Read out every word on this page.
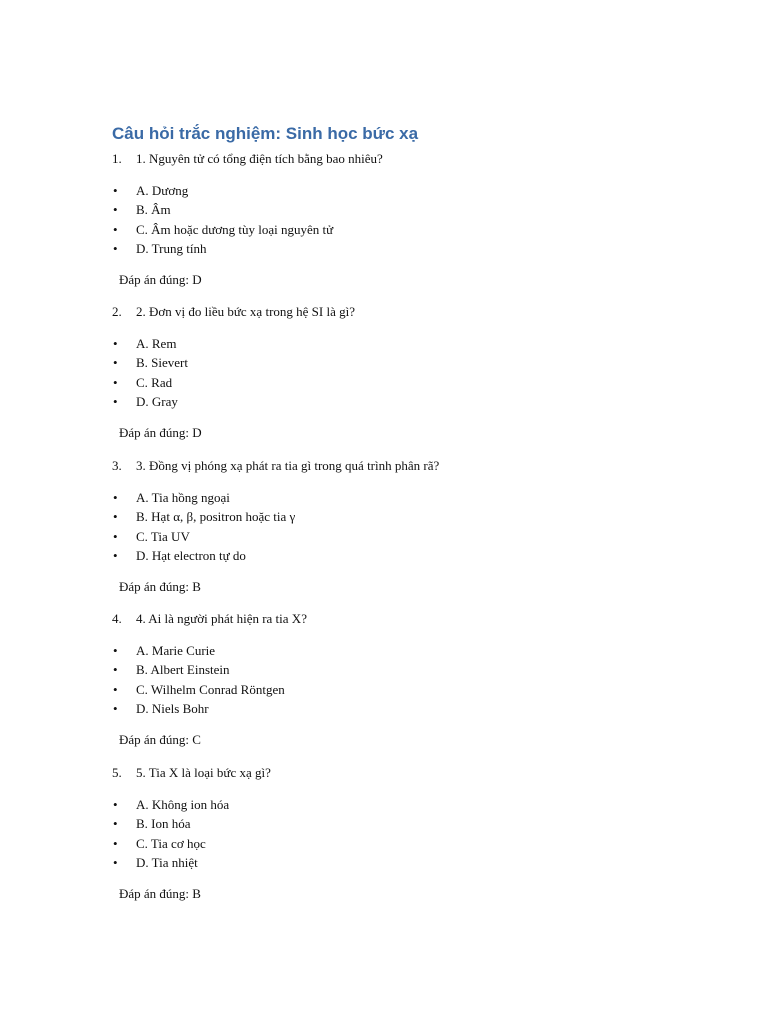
Câu hỏi trắc nghiệm: Sinh học bức xạ
1. 1. Nguyên tử có tổng điện tích bằng bao nhiêu?
• A. Dương
• B. Âm
• C. Âm hoặc dương tùy loại nguyên tử
• D. Trung tính
Đáp án đúng: D
2. 2. Đơn vị đo liều bức xạ trong hệ SI là gì?
• A. Rem
• B. Sievert
• C. Rad
• D. Gray
Đáp án đúng: D
3. 3. Đồng vị phóng xạ phát ra tia gì trong quá trình phân rã?
• A. Tia hồng ngoại
• B. Hạt α, β, positron hoặc tia γ
• C. Tia UV
• D. Hạt electron tự do
Đáp án đúng: B
4. 4. Ai là người phát hiện ra tia X?
• A. Marie Curie
• B. Albert Einstein
• C. Wilhelm Conrad Röntgen
• D. Niels Bohr
Đáp án đúng: C
5. 5. Tia X là loại bức xạ gì?
• A. Không ion hóa
• B. Ion hóa
• C. Tia cơ học
• D. Tia nhiệt
Đáp án đúng: B
